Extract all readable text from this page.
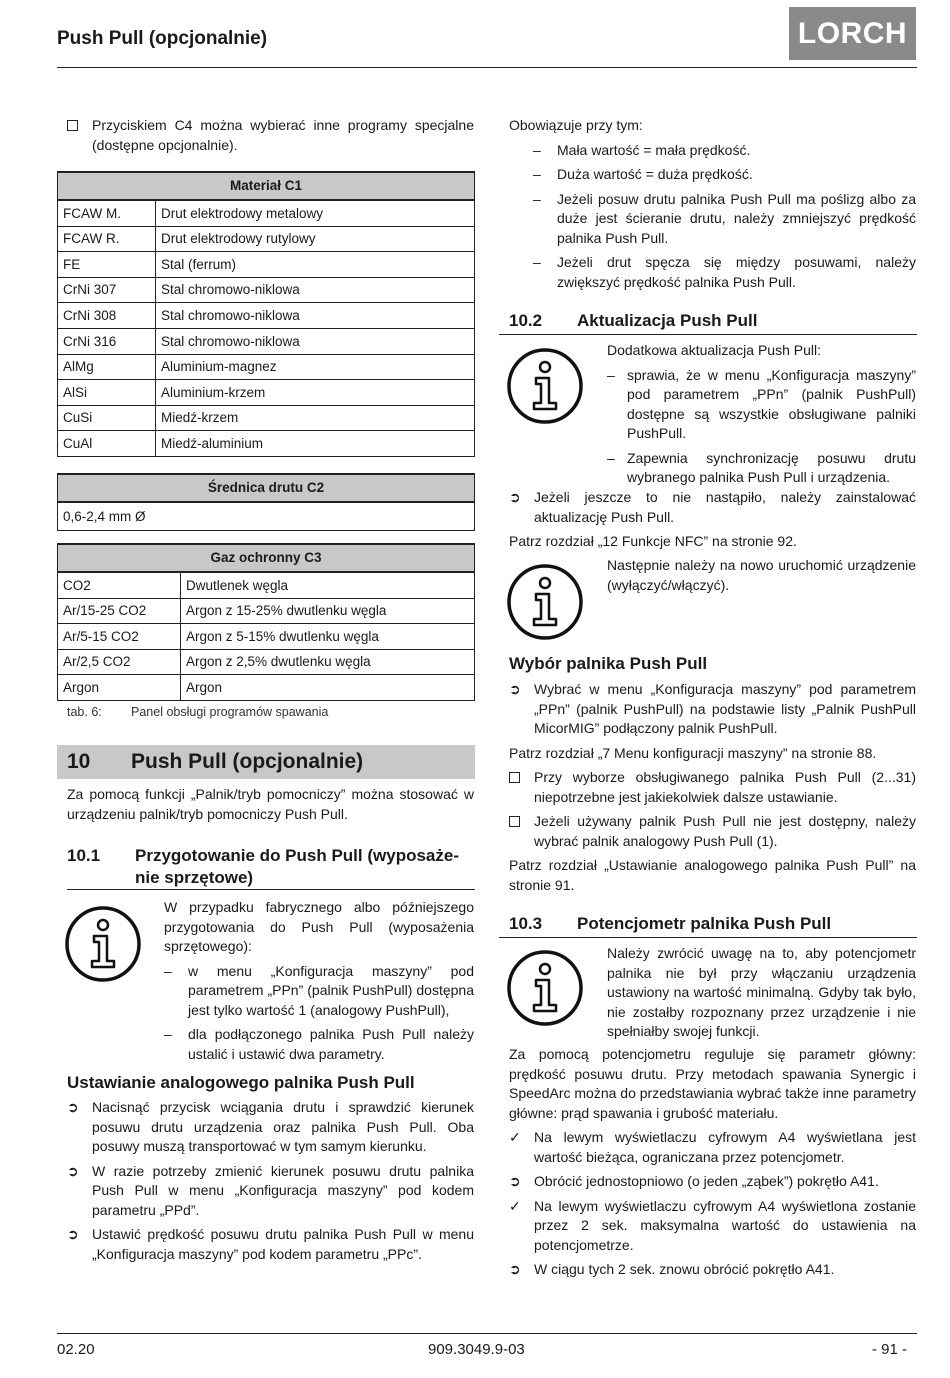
Push Pull (opcjonalnie)	LORCH
Przyciskiem C4 można wybierać inne programy specjalne (dostępne opcjonalnie).
Materiał C1	
FCAW M.	Drut elektrodowy metalowy
FCAW R.	Drut elektrodowy rutylowy
FE	Stal (ferrum)
CrNi 307	Stal chromowo-niklowa
CrNi 308	Stal chromowo-niklowa
CrNi 316	Stal chromowo-niklowa
AlMg	Aluminium-magnez
AlSi	Aluminium-krzem
CuSi	Miedź-krzem
CuAl	Miedź-aluminium
Średnica drutu C2
0,6-2,4 mm Ø
Gaz ochronny C3	
CO2	Dwutlenek węgla
Ar/15-25 CO2	Argon z 15-25% dwutlenku węgla
Ar/5-15 CO2	Argon z 5-15% dwutlenku węgla
Ar/2,5 CO2	Argon z 2,5% dwutlenku węgla
Argon	Argon
tab. 6: Panel obsługi programów spawania
10 Push Pull (opcjonalnie)

Za pomocą funkcji „Palnik/tryb pomocniczy” można stosować w urządzeniu palnik/tryb pomocniczy Push Pull.

10.1 Przygotowanie do Push Pull (wyposaże-
nie sprzętowe)

W przypadku fabrycznego albo późniejszego przygotowania do Push Pull (wyposażenia sprzętowego):

–	w menu „Konfiguracja maszyny” pod parametrem „PPn” (palnik PushPull) dostępna jest tylko wartość 1 (analogowy PushPull),
–	dla podłączonego palnika Push Pull należy ustalić i ustawić dwa parametry.
Ustawianie analogowego palnika Push Pull
➲ Nacisnąć przycisk wciągania drutu i sprawdzić kierunek posuwu drutu urządzenia oraz palnika Push Pull. Oba posuwy muszą transportować w tym samym kierunku.
➲ W razie potrzeby zmienić kierunek posuwu drutu palnika Push Pull w menu „Konfiguracja maszyny” pod kodem parametru „PPd”.
➲ Ustawić prędkość posuwu drutu palnika Push Pull w menu „Konfiguracja maszyny” pod kodem parametru „PPc”.

Obowiązuje przy tym:

–	Mała wartość = mała prędkość.
–	Duża wartość = duża prędkość.
–	Jeżeli posuw drutu palnika Push Pull ma poślizg albo za duże jest ścieranie drutu, należy zmniejszyć prędkość palnika Push Pull.
–	Jeżeli drut spęcza się między posuwami, należy zwiększyć prędkość palnika Push Pull.
10.2 Aktualizacja Push Pull

Dodatkowa aktualizacja Push Pull:

– sprawia, że w menu „Konfiguracja maszyny” pod parametrem „PPn” (palnik PushPull) dostępne są wszystkie obsługiwane palniki PushPull.
– Zapewnia synchronizację posuwu drutu wybranego palnika Push Pull i urządzenia.
➲ Jeżeli jeszcze to nie nastąpiło, należy zainstalować aktualizację Push Pull.

Patrz rozdział „12 Funkcje NFC” na stronie 92.

Następnie należy na nowo uruchomić urządzenie (wyłączyć/włączyć).

Wybór palnika Push Pull
➲ Wybrać w menu „Konfiguracja maszyny” pod parametrem „PPn” (palnik PushPull) na podstawie listy „Palnik PushPull MicorMIG” podłączony palnik PushPull.

Patrz rozdział „7 Menu konfiguracji maszyny” na stronie 88.

Przy wyborze obsługiwanego palnika Push Pull (2...31) niepotrzebne jest jakiekolwiek dalsze ustawianie.
Jeżeli używany palnik Push Pull nie jest dostępny, należy wybrać palnik analogowy Push Pull (1).

Patrz rozdział „Ustawianie analogowego palnika Push Pull” na stronie 91.

10.3 Potencjometr palnika Push Pull

Należy zwrócić uwagę na to, aby potencjometr palnika nie był przy włączaniu urządzenia ustawiony na wartość minimalną. Gdyby tak było, nie zostałby rozpoznany przez urządzenie i nie spełniałby swojej funkcji.

Za pomocą potencjometru reguluje się parametr główny: prędkość posuwu drutu. Przy metodach spawania Synergic i SpeedArc można do przedstawiania wybrać także inne parametry główne: prąd spawania i grubość materiału.

✓ Na lewym wyświetlaczu cyfrowym A4 wyświetlana jest wartość bieżąca, ograniczana przez potencjometr.
➲ Obrócić jednostopniowo (o jeden „ząbek”) pokrętło A41.
✓ Na lewym wyświetlaczu cyfrowym A4 wyświetlona zostanie przez 2 sek. maksymalna wartość do ustawienia na potencjometrze.
➲ W ciągu tych 2 sek. znowu obrócić pokrętło A41.
02.20	909.3049.9-03	- 91 -
